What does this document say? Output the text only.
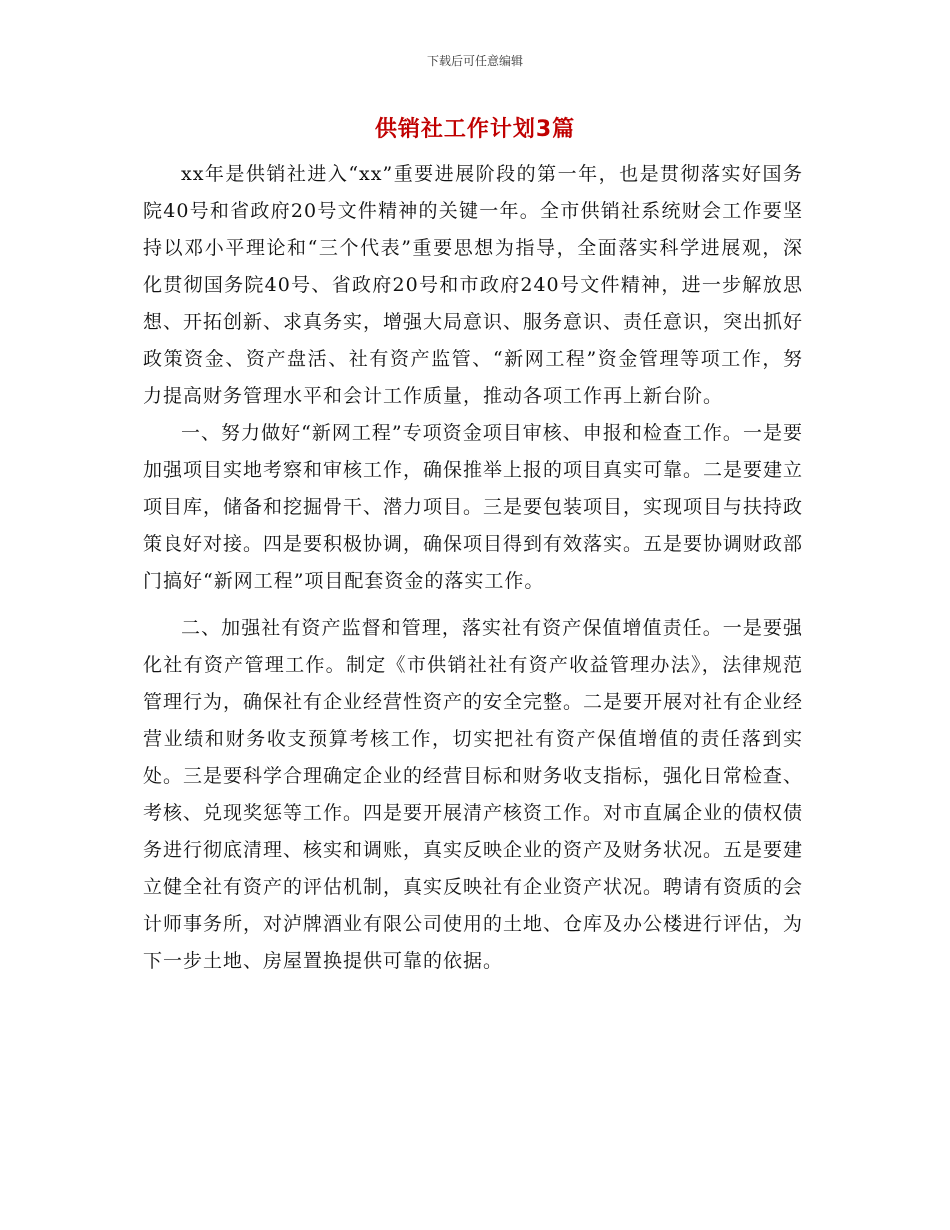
下载后可任意编辑
供销社工作计划3篇

xx年是供销社进入“xx”重要进展阶段的第一年，也是贯彻落实好国务院40号和省政府20号文件精神的关键一年。全市供销社系统财会工作要坚持以邓小平理论和“三个代表”重要思想为指导，全面落实科学进展观，深化贯彻国务院40号、省政府20号和市政府240号文件精神，进一步解放思想、开拓创新、求真务实，增强大局意识、服务意识、责任意识，突出抓好政策资金、资产盘活、社有资产监管、“新网工程”资金管理等项工作，努力提高财务管理水平和会计工作质量，推动各项工作再上新台阶。

一、努力做好“新网工程”专项资金项目审核、申报和检查工作。一是要加强项目实地考察和审核工作，确保推举上报的项目真实可靠。二是要建立项目库，储备和挖掘骨干、潜力项目。三是要包装项目，实现项目与扶持政策良好对接。四是要积极协调，确保项目得到有效落实。五是要协调财政部门搞好“新网工程”项目配套资金的落实工作。

二、加强社有资产监督和管理，落实社有资产保值增值责任。一是要强化社有资产管理工作。制定《市供销社社有资产收益管理办法》，法律规范管理行为，确保社有企业经营性资产的安全完整。二是要开展对社有企业经营业绩和财务收支预算考核工作，切实把社有资产保值增值的责任落到实处。三是要科学合理确定企业的经营目标和财务收支指标，强化日常检查、考核、兑现奖惩等工作。四是要开展清产核资工作。对市直属企业的债权债务进行彻底清理、核实和调账，真实反映企业的资产及财务状况。五是要建立健全社有资产的评估机制，真实反映社有企业资产状况。聘请有资质的会计师事务所，对泸牌酒业有限公司使用的土地、仓库及办公楼进行评估，为下一步土地、房屋置换提供可靠的依据。
